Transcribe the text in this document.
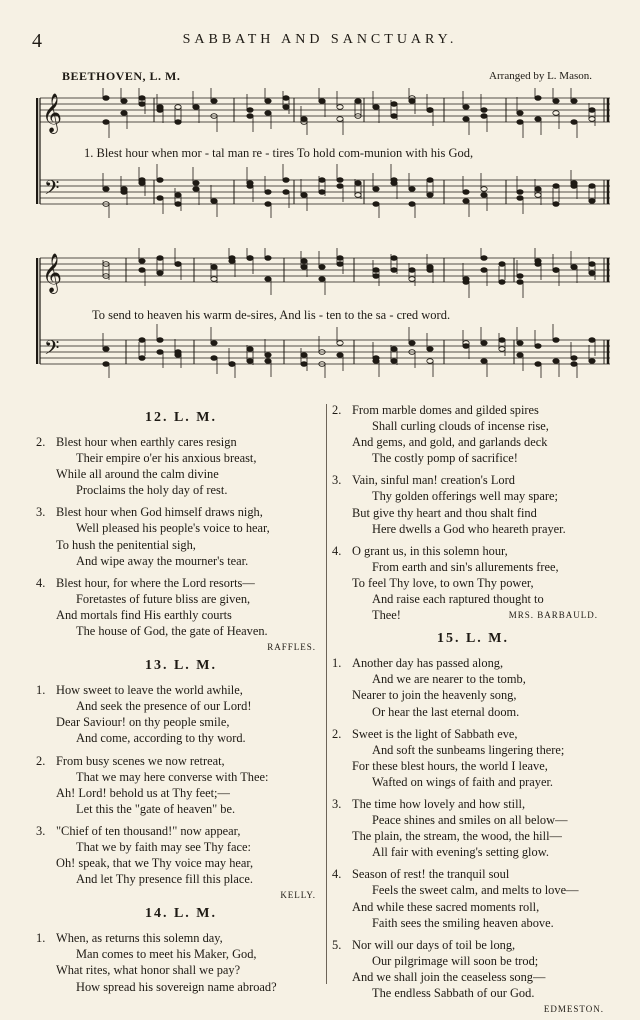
4	SABBATH AND SANCTUARY.
BEETHOVEN, L. M.	Arranged by L. Mason.
𝄞
𝄢
1. Blest hour when mor - tal man re - tires To hold com-munion with his God,
𝄞
𝄢
To send to heaven his warm de-sires, And lis - ten to the sa - cred word.
12. L. M.
2. Blest hour when earthly cares resign
Their empire o'er his anxious breast,
While all around the calm divine
Proclaims the holy day of rest.
3. Blest hour when God himself draws nigh,
Well pleased his people's voice to hear,
To hush the penitential sigh,
And wipe away the mourner's tear.
4. Blest hour, for where the Lord resorts—
Foretastes of future bliss are given,
And mortals find His earthly courts
The house of God, the gate of Heaven.
RAFFLES.
13. L. M.
1. How sweet to leave the world awhile,
And seek the presence of our Lord!
Dear Saviour! on thy people smile,
And come, according to thy word.
2. From busy scenes we now retreat,
That we may here converse with Thee:
Ah! Lord! behold us at Thy feet;—
Let this the "gate of heaven" be.
3. "Chief of ten thousand!" now appear,
That we by faith may see Thy face:
Oh! speak, that we Thy voice may hear,
And let Thy presence fill this place.
KELLY.
14. L. M.
1. When, as returns this solemn day,
Man comes to meet his Maker, God,
What rites, what honor shall we pay?
How spread his sovereign name abroad?
2. From marble domes and gilded spires
Shall curling clouds of incense rise,
And gems, and gold, and garlands deck
The costly pomp of sacrifice!
3. Vain, sinful man! creation's Lord
Thy golden offerings well may spare;
But give thy heart and thou shalt find
Here dwells a God who heareth prayer.
4. O grant us, in this solemn hour,
From earth and sin's allurements free,
To feel Thy love, to own Thy power,
And raise each raptured thought to
Thee!	MRS. BARBAULD.
15. L. M.
1. Another day has passed along,
And we are nearer to the tomb,
Nearer to join the heavenly song,
Or hear the last eternal doom.
2. Sweet is the light of Sabbath eve,
And soft the sunbeams lingering there;
For these blest hours, the world I leave,
Wafted on wings of faith and prayer.
3. The time how lovely and how still,
Peace shines and smiles on all below—
The plain, the stream, the wood, the hill—
All fair with evening's setting glow.
4. Season of rest! the tranquil soul
Feels the sweet calm, and melts to love—
And while these sacred moments roll,
Faith sees the smiling heaven above.
5. Nor will our days of toil be long,
Our pilgrimage will soon be trod;
And we shall join the ceaseless song—
The endless Sabbath of our God.
EDMESTON.
